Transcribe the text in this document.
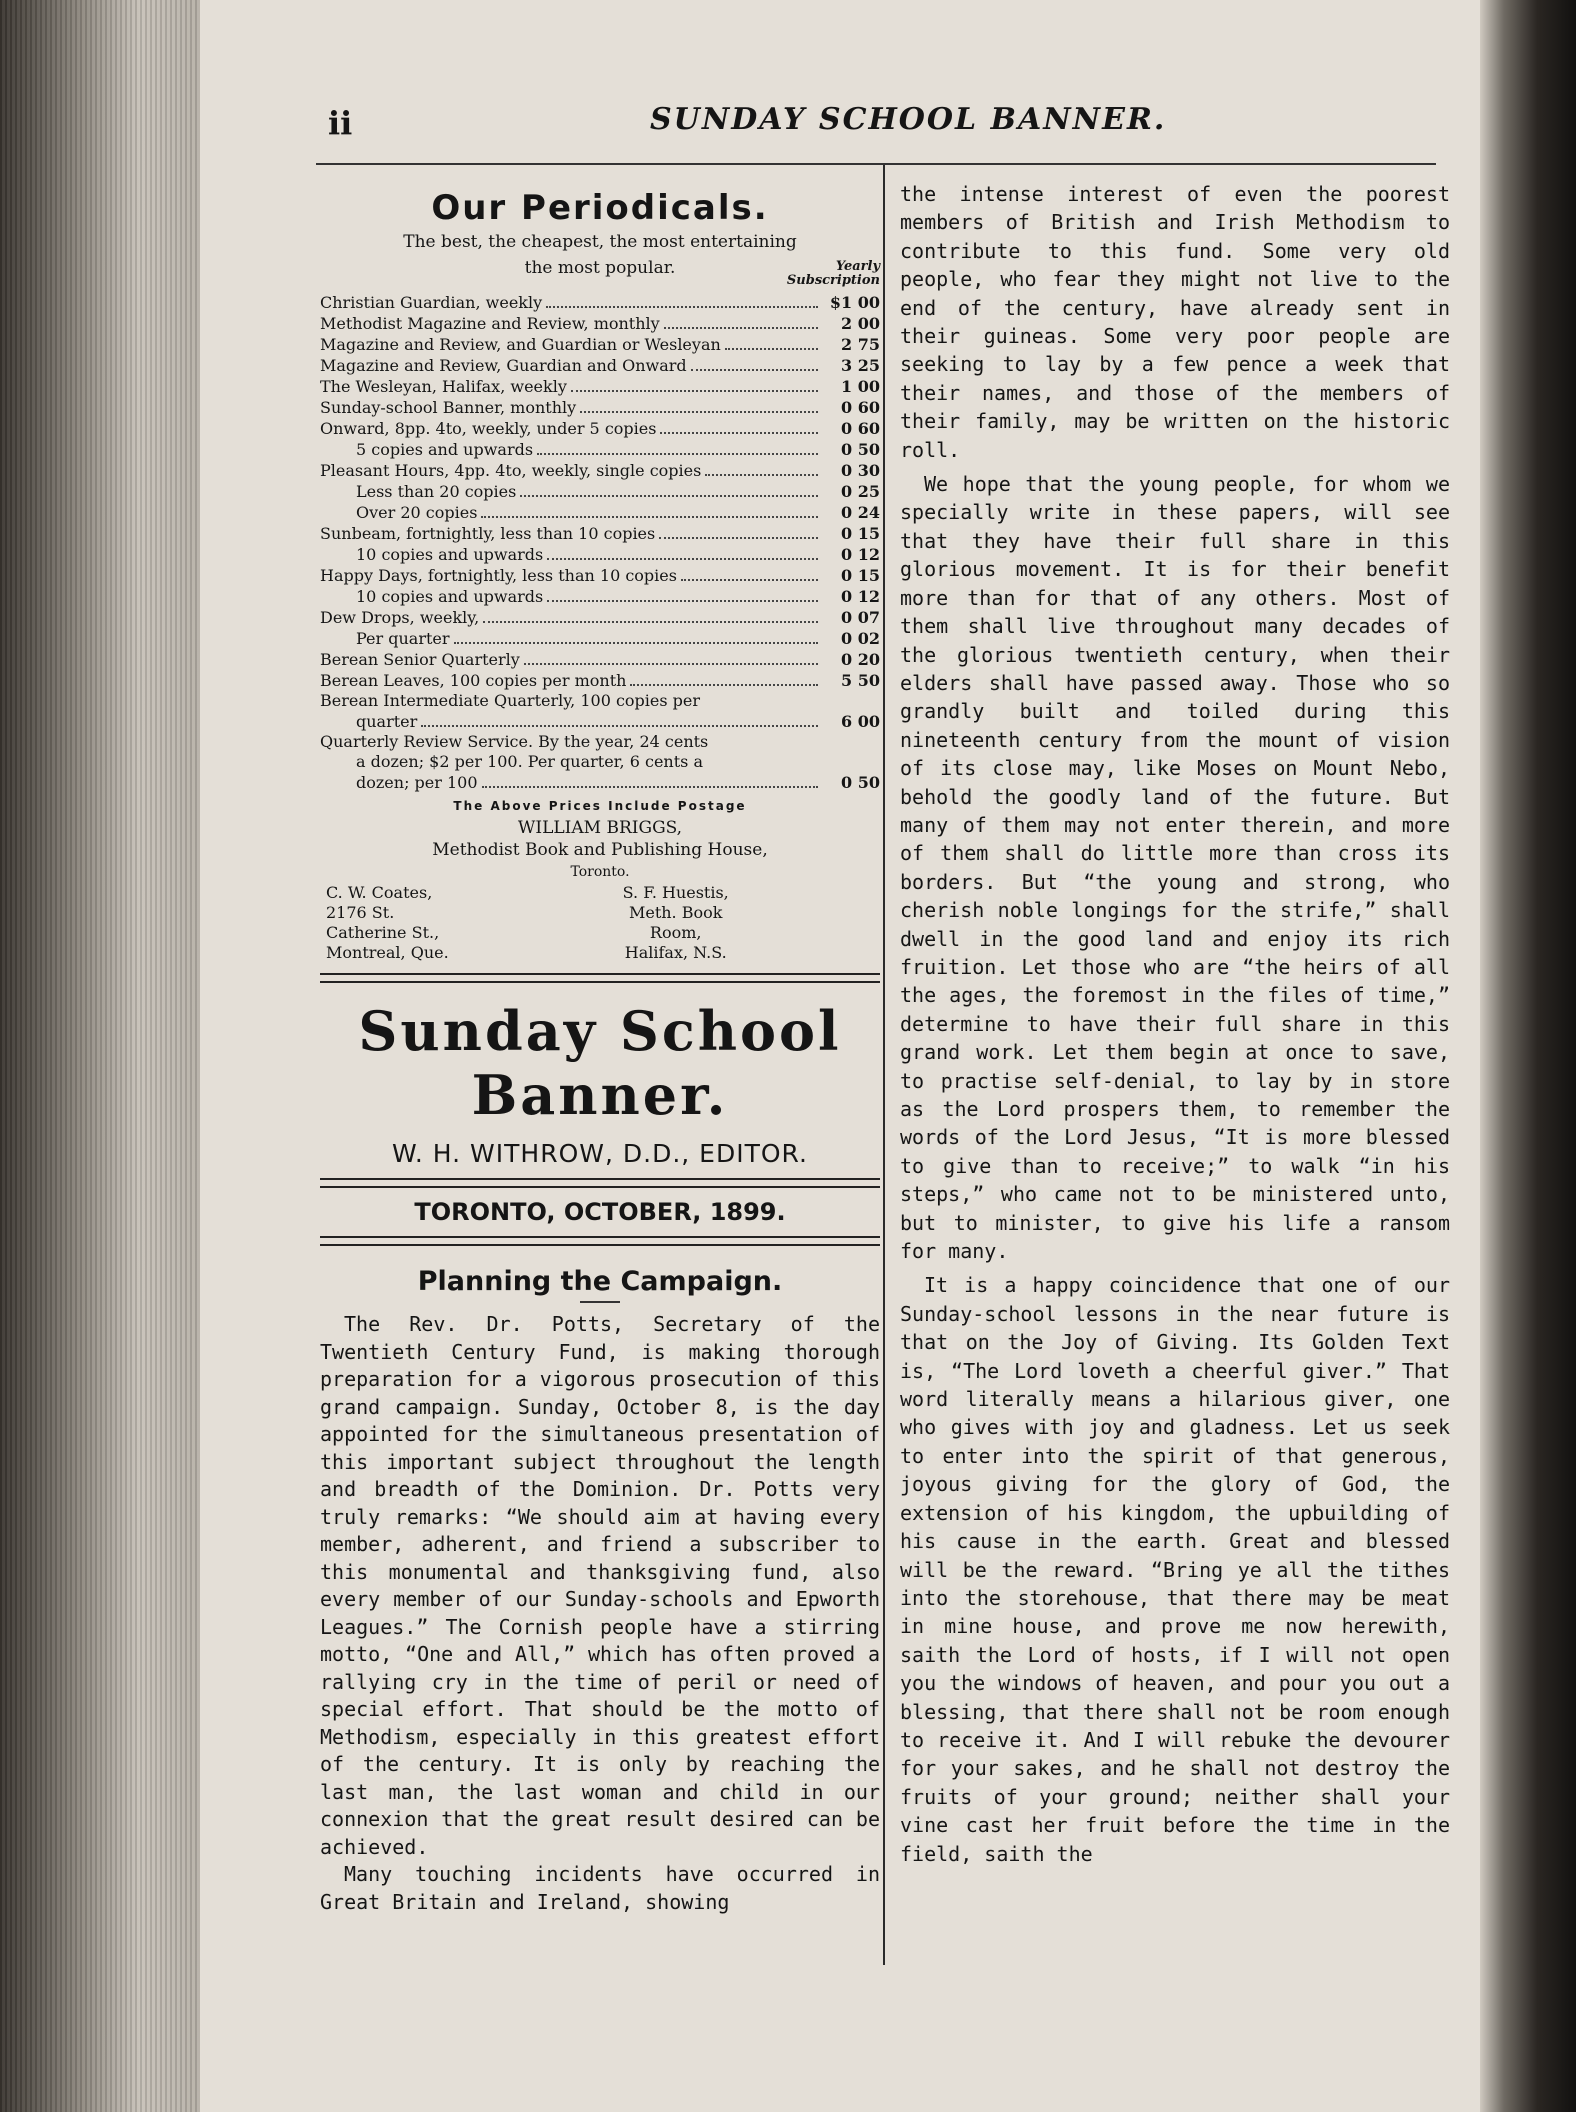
ii	SUNDAY SCHOOL BANNER.
Our Periodicals.
The best, the cheapest, the most entertaining
the most popular.	Yearly
Subscription
Christian Guardian, weekly	$1 00
Methodist Magazine and Review, monthly	2 00
Magazine and Review, and Guardian or Wesleyan	2 75
Magazine and Review, Guardian and Onward	3 25
The Wesleyan, Halifax, weekly	1 00
Sunday-school Banner, monthly	0 60
Onward, 8pp. 4to, weekly, under 5 copies	0 60
5 copies and upwards	0 50
Pleasant Hours, 4pp. 4to, weekly, single copies	0 30
Less than 20 copies	0 25
Over 20 copies	0 24
Sunbeam, fortnightly, less than 10 copies	0 15
10 copies and upwards	0 12
Happy Days, fortnightly, less than 10 copies	0 15
10 copies and upwards	0 12
Dew Drops, weekly,	0 07
Per quarter	0 02
Berean Senior Quarterly	0 20
Berean Leaves, 100 copies per month	5 50
Berean Intermediate Quarterly, 100 copies per
quarter	6 00
Quarterly Review Service. By the year, 24 cents
a dozen; $2 per 100. Per quarter, 6 cents a
dozen; per 100	0 50
The Above Prices Include Postage
WILLIAM BRIGGS,
Methodist Book and Publishing House,
Toronto.
C. W. Coates,
2176 St. Catherine St.,
Montreal, Que.
S. F. Huestis,
Meth. Book Room,
Halifax, N.S.
Sunday School Banner.
W. H. WITHROW, D.D., EDITOR.
TORONTO, OCTOBER, 1899.
Planning the Campaign.

The Rev. Dr. Potts, Secretary of the Twentieth Century Fund, is making thorough preparation for a vigorous prosecution of this grand campaign. Sunday, October 8, is the day appointed for the simultaneous presentation of this important subject throughout the length and breadth of the Dominion. Dr. Potts very truly remarks: “We should aim at having every member, adherent, and friend a subscriber to this monumental and thanksgiving fund, also every member of our Sunday-schools and Epworth Leagues.” The Cornish people have a stirring motto, “One and All,” which has often proved a rallying cry in the time of peril or need of special effort. That should be the motto of Methodism, especially in this greatest effort of the century. It is only by reaching the last man, the last woman and child in our connexion that the great result desired can be achieved.

Many touching incidents have occurred in Great Britain and Ireland, showing

the intense interest of even the poorest members of British and Irish Methodism to contribute to this fund. Some very old people, who fear they might not live to the end of the century, have already sent in their guineas. Some very poor people are seeking to lay by a few pence a week that their names, and those of the members of their family, may be written on the historic roll.

We hope that the young people, for whom we specially write in these papers, will see that they have their full share in this glorious movement. It is for their benefit more than for that of any others. Most of them shall live throughout many decades of the glorious twentieth century, when their elders shall have passed away. Those who so grandly built and toiled during this nineteenth century from the mount of vision of its close may, like Moses on Mount Nebo, behold the goodly land of the future. But many of them may not enter therein, and more of them shall do little more than cross its borders. But “the young and strong, who cherish noble longings for the strife,” shall dwell in the good land and enjoy its rich fruition. Let those who are “the heirs of all the ages, the foremost in the files of time,” determine to have their full share in this grand work. Let them begin at once to save, to practise self-denial, to lay by in store as the Lord prospers them, to remember the words of the Lord Jesus, “It is more blessed to give than to receive;” to walk “in his steps,” who came not to be ministered unto, but to minister, to give his life a ransom for many.

It is a happy coincidence that one of our Sunday-school lessons in the near future is that on the Joy of Giving. Its Golden Text is, “The Lord loveth a cheerful giver.” That word literally means a hilarious giver, one who gives with joy and gladness. Let us seek to enter into the spirit of that generous, joyous giving for the glory of God, the extension of his kingdom, the upbuilding of his cause in the earth. Great and blessed will be the reward. “Bring ye all the tithes into the storehouse, that there may be meat in mine house, and prove me now herewith, saith the Lord of hosts, if I will not open you the windows of heaven, and pour you out a blessing, that there shall not be room enough to receive it. And I will rebuke the devourer for your sakes, and he shall not destroy the fruits of your ground; neither shall your vine cast her fruit before the time in the field, saith the
